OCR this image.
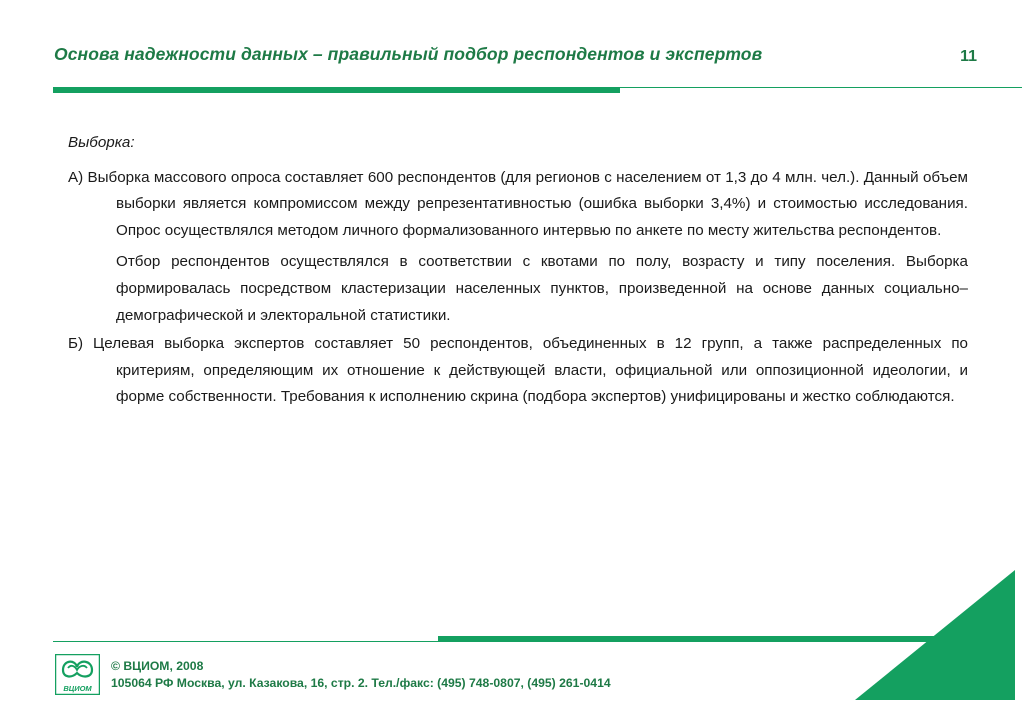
Основа надежности данных – правильный подбор респондентов и экспертов	11

Выборка:

А) Выборка массового опроса составляет 600 респондентов (для регионов с населением от 1,3 до 4 млн. чел.). Данный объем выборки является компромиссом между репрезентативностью (ошибка выборки 3,4%) и стоимостью исследования. Опрос осуществлялся методом личного формализованного интервью по анкете по месту жительства респондентов.

Отбор респондентов осуществлялся в соответствии с квотами по полу, возрасту и типу поселения. Выборка формировалась посредством кластеризации населенных пунктов, произведенной на основе данных социально–демографической и электоральной статистики.

Б) Целевая выборка экспертов составляет 50 респондентов, объединенных в 12 групп, а также распределенных по критериям, определяющим их отношение к действующей власти, официальной или оппозиционной идеологии, и форме собственности. Требования к исполнению скрина (подбора экспертов) унифицированы и жестко соблюдаются.

ВЦИОМ
© ВЦИОМ, 2008
105064 РФ Москва, ул. Казакова, 16, стр. 2. Тел./факс: (495) 748-0807, (495) 261-0414
